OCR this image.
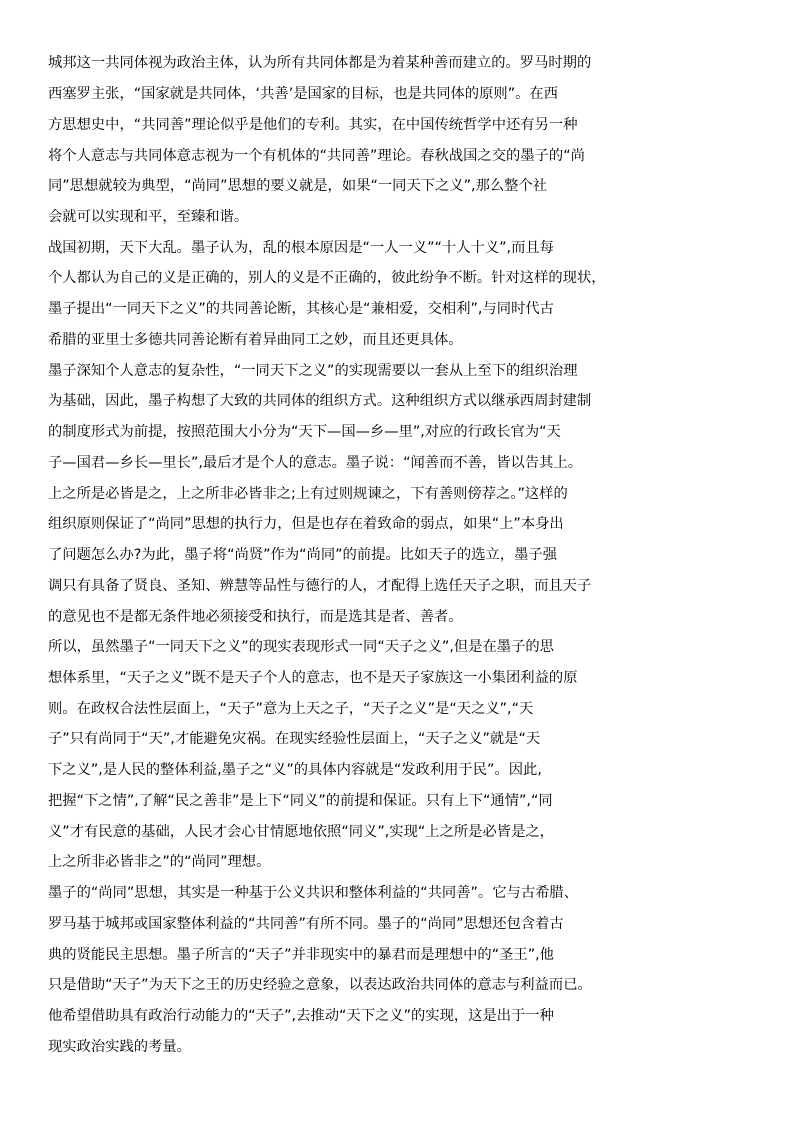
城邦这一共同体视为政治主体，认为所有共同体都是为着某种善而建立的。罗马时期的
西塞罗主张，“国家就是共同体，‘共善’是国家的目标，也是共同体的原则”。在西
方思想史中，“共同善”理论似乎是他们的专利。其实，在中国传统哲学中还有另一种
将个人意志与共同体意志视为一个有机体的“共同善”理论。春秋战国之交的墨子的“尚
同”思想就较为典型，“尚同”思想的要义就是，如果“一同天下之义”,那么整个社
会就可以实现和平，至臻和谐。
战国初期，天下大乱。墨子认为，乱的根本原因是“一人一义”“十人十义”,而且每
个人都认为自己的义是正确的，别人的义是不正确的，彼此纷争不断。针对这样的现状，
墨子提出“一同天下之义”的共同善论断，其核心是“兼相爱，交相利”,与同时代古
希腊的亚里士多德共同善论断有着异曲同工之妙，而且还更具体。
墨子深知个人意志的复杂性，“一同天下之义”的实现需要以一套从上至下的组织治理
为基础，因此，墨子构想了大致的共同体的组织方式。这种组织方式以继承西周封建制
的制度形式为前提，按照范围大小分为“天下—国—乡—里”,对应的行政长官为“天
子—国君—乡长—里长”,最后才是个人的意志。墨子说：“闻善而不善，皆以告其上。
上之所是必皆是之，上之所非必皆非之;上有过则规谏之，下有善则傍荐之。”这样的
组织原则保证了“尚同”思想的执行力，但是也存在着致命的弱点，如果“上”本身出
了问题怎么办?为此，墨子将“尚贤”作为“尚同”的前提。比如天子的选立，墨子强
调只有具备了贤良、圣知、辨慧等品性与德行的人，才配得上选任天子之职，而且天子
的意见也不是都无条件地必须接受和执行，而是选其是者、善者。
所以，虽然墨子“一同天下之义”的现实表现形式一同“天子之义”,但是在墨子的思
想体系里，“天子之义”既不是天子个人的意志，也不是天子家族这一小集团利益的原
则。在政权合法性层面上，“天子”意为上天之子，“天子之义”是“天之义”,“天
子”只有尚同于“天”,才能避免灾祸。在现实经验性层面上，“天子之义”就是“天
下之义”,是人民的整体利益,墨子之“义”的具体内容就是“发政利用于民”。因此,
把握“下之情”,了解“民之善非”是上下“同义”的前提和保证。只有上下“通情”,“同
义”才有民意的基础，人民才会心甘情愿地依照“同义”,实现“上之所是必皆是之，
上之所非必皆非之”的“尚同”理想。
墨子的“尚同”思想，其实是一种基于公义共识和整体利益的“共同善”。它与古希腊、
罗马基于城邦或国家整体利益的“共同善”有所不同。墨子的“尚同”思想还包含着古
典的贤能民主思想。墨子所言的“天子”并非现实中的暴君而是理想中的“圣王”,他
只是借助“天子”为天下之王的历史经验之意象，以表达政治共同体的意志与利益而已。
他希望借助具有政治行动能力的“天子”,去推动“天下之义”的实现，这是出于一种
现实政治实践的考量。
